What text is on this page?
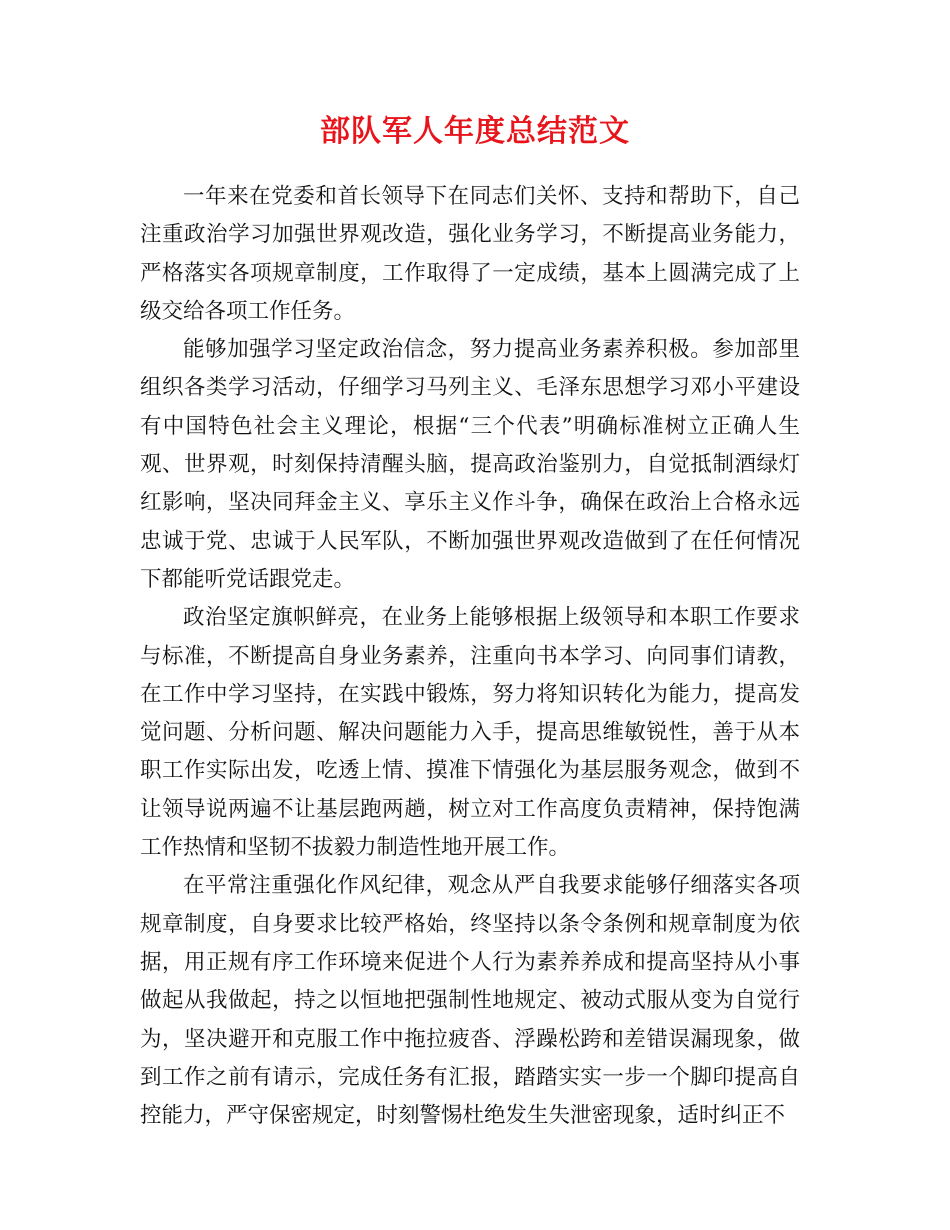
部队军人年度总结范文

一年来在党委和首长领导下在同志们关怀、支持和帮助下，自己注重政治学习加强世界观改造，强化业务学习，不断提高业务能力，严格落实各项规章制度，工作取得了一定成绩，基本上圆满完成了上级交给各项工作任务。

能够加强学习坚定政治信念，努力提高业务素养积极。参加部里组织各类学习活动，仔细学习马列主义、毛泽东思想学习邓小平建设有中国特色社会主义理论，根据“三个代表”明确标准树立正确人生观、世界观，时刻保持清醒头脑，提高政治鉴别力，自觉抵制酒绿灯红影响，坚决同拜金主义、享乐主义作斗争，确保在政治上合格永远忠诚于党、忠诚于人民军队，不断加强世界观改造做到了在任何情况下都能听党话跟党走。

政治坚定旗帜鲜亮，在业务上能够根据上级领导和本职工作要求与标准，不断提高自身业务素养，注重向书本学习、向同事们请教，在工作中学习坚持，在实践中锻炼，努力将知识转化为能力，提高发觉问题、分析问题、解决问题能力入手，提高思维敏锐性，善于从本职工作实际出发，吃透上情、摸准下情强化为基层服务观念，做到不让领导说两遍不让基层跑两趟，树立对工作高度负责精神，保持饱满工作热情和坚韧不拔毅力制造性地开展工作。

在平常注重强化作风纪律，观念从严自我要求能够仔细落实各项规章制度，自身要求比较严格始，终坚持以条令条例和规章制度为依据，用正规有序工作环境来促进个人行为素养养成和提高坚持从小事做起从我做起，持之以恒地把强制性地规定、被动式服从变为自觉行为，坚决避开和克服工作中拖拉疲沓、浮躁松跨和差错误漏现象，做到工作之前有请示，完成任务有汇报，踏踏实实一步一个脚印提高自控能力，严守保密规定，时刻警惕杜绝发生失泄密现象，适时纠正不
